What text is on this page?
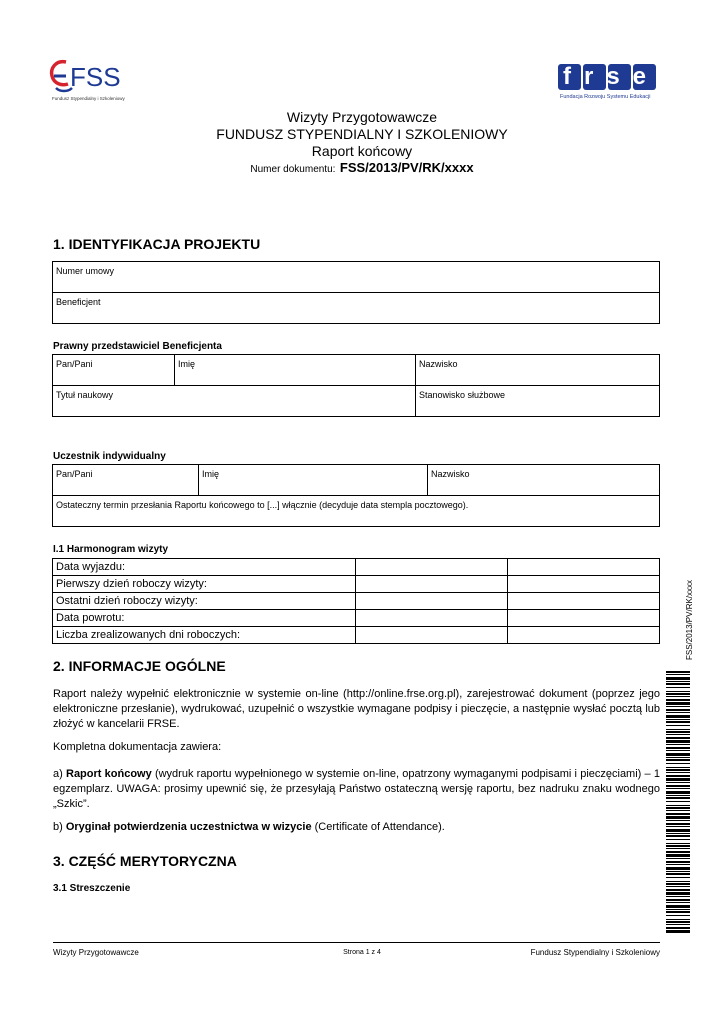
FSS
Fundusz Stypendialny i Szkoleniowy
frse
Fundacja Rozwoju Systemu Edukacji
Wizyty Przygotowawcze
FUNDUSZ STYPENDIALNY I SZKOLENIOWY
Raport końcowy
Numer dokumentu: FSS/2013/PV/RK/xxxx
1. IDENTYFIKACJA PROJEKTU
Numer umowy
Beneficjent
Prawny przedstawiciel Beneficjenta
Pan/Pani	Imię	Nazwisko
Tytuł naukowy		Stanowisko służbowe
Uczestnik indywidualny
Pan/Pani	Imię	Nazwisko
Ostateczny termin przesłania Raportu końcowego to [...] włącznie (decyduje data stempla pocztowego).
I.1 Harmonogram wizyty
Data wyjazdu:		
Pierwszy dzień roboczy wizyty:		
Ostatni dzień roboczy wizyty:		
Data powrotu:		
Liczba zrealizowanych dni roboczych:		
2. INFORMACJE OGÓLNE
Raport należy wypełnić elektronicznie w systemie on-line (http://online.frse.org.pl), zarejestrować dokument (poprzez jego elektroniczne przesłanie), wydrukować, uzupełnić o wszystkie wymagane podpisy i pieczęcie, a następnie wysłać pocztą lub złożyć w kancelarii FRSE.
Kompletna dokumentacja zawiera:
a) Raport końcowy (wydruk raportu wypełnionego w systemie on-line, opatrzony wymaganymi podpisami i pieczęciami) – 1 egzemplarz. UWAGA: prosimy upewnić się, że przesyłają Państwo ostateczną wersję raportu, bez nadruku znaku wodnego „Szkic”.
b) Oryginał potwierdzenia uczestnictwa w wizycie (Certificate of Attendance).
3. CZĘŚĆ MERYTORYCZNA
3.1 Streszczenie
FSS/2013/PV/RK/xxxx
Wizyty Przygotowawcze	Strona 1 z 4	Fundusz Stypendialny i Szkoleniowy
